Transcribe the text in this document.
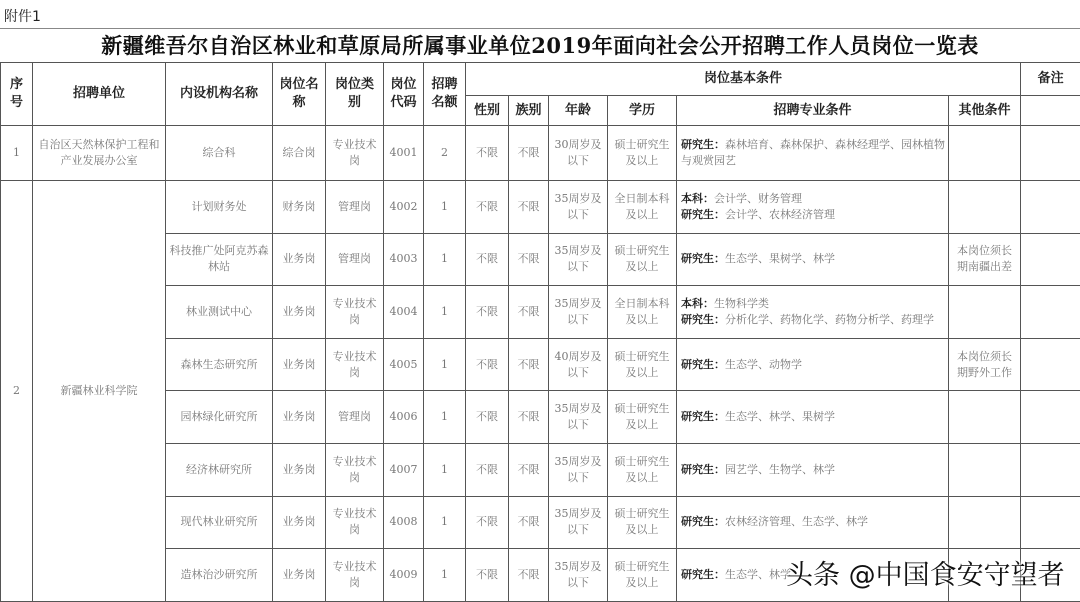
附件1
新疆维吾尔自治区林业和草原局所属事业单位2019年面向社会公开招聘工作人员岗位一览表
序号	招聘单位	内设机构名称	岗位名称	岗位类别	岗位代码	招聘名额	岗位基本条件						备注
							性别	族别	年龄	学历	招聘专业条件	其他条件	
1	自治区天然林保护工程和产业发展办公室	综合科	综合岗	专业技术岗	4001	2	不限	不限	30周岁及以下	硕士研究生及以上	研究生：森林培育、森林保护、森林经理学、园林植物与观赏园艺		

2	新疆林业科学院	计划财务处	财务岗	管理岗	4002	1	不限	不限	35周岁及以下	全日制本科及以上	本科：会计学、财务管理
研究生：会计学、农林经济管理		

		科技推广处阿克苏森林站	业务岗	管理岗	4003	1	不限	不限	35周岁及以下	硕士研究生及以上	研究生：生态学、果树学、林学	本岗位须长期南疆出差	
		林业测试中心	业务岗	专业技术岗	4004	1	不限	不限	35周岁及以下	全日制本科及以上	本科：生物科学类
研究生：分析化学、药物化学、药物分析学、药理学		

		森林生态研究所	业务岗	专业技术岗	4005	1	不限	不限	40周岁及以下	硕士研究生及以上	研究生：生态学、动物学	本岗位须长期野外工作	
		园林绿化研究所	业务岗	管理岗	4006	1	不限	不限	35周岁及以下	硕士研究生及以上	研究生：生态学、林学、果树学		

		经济林研究所	业务岗	专业技术岗	4007	1	不限	不限	35周岁及以下	硕士研究生及以上	研究生：园艺学、生物学、林学		

		现代林业研究所	业务岗	专业技术岗	4008	1	不限	不限	35周岁及以下	硕士研究生及以上	研究生：农林经济管理、生态学、林学		

		造林治沙研究所	业务岗	专业技术岗	4009	1	不限	不限	35周岁及以下	硕士研究生及以上	研究生：生态学、林学		

头条 @中国食安守望者
